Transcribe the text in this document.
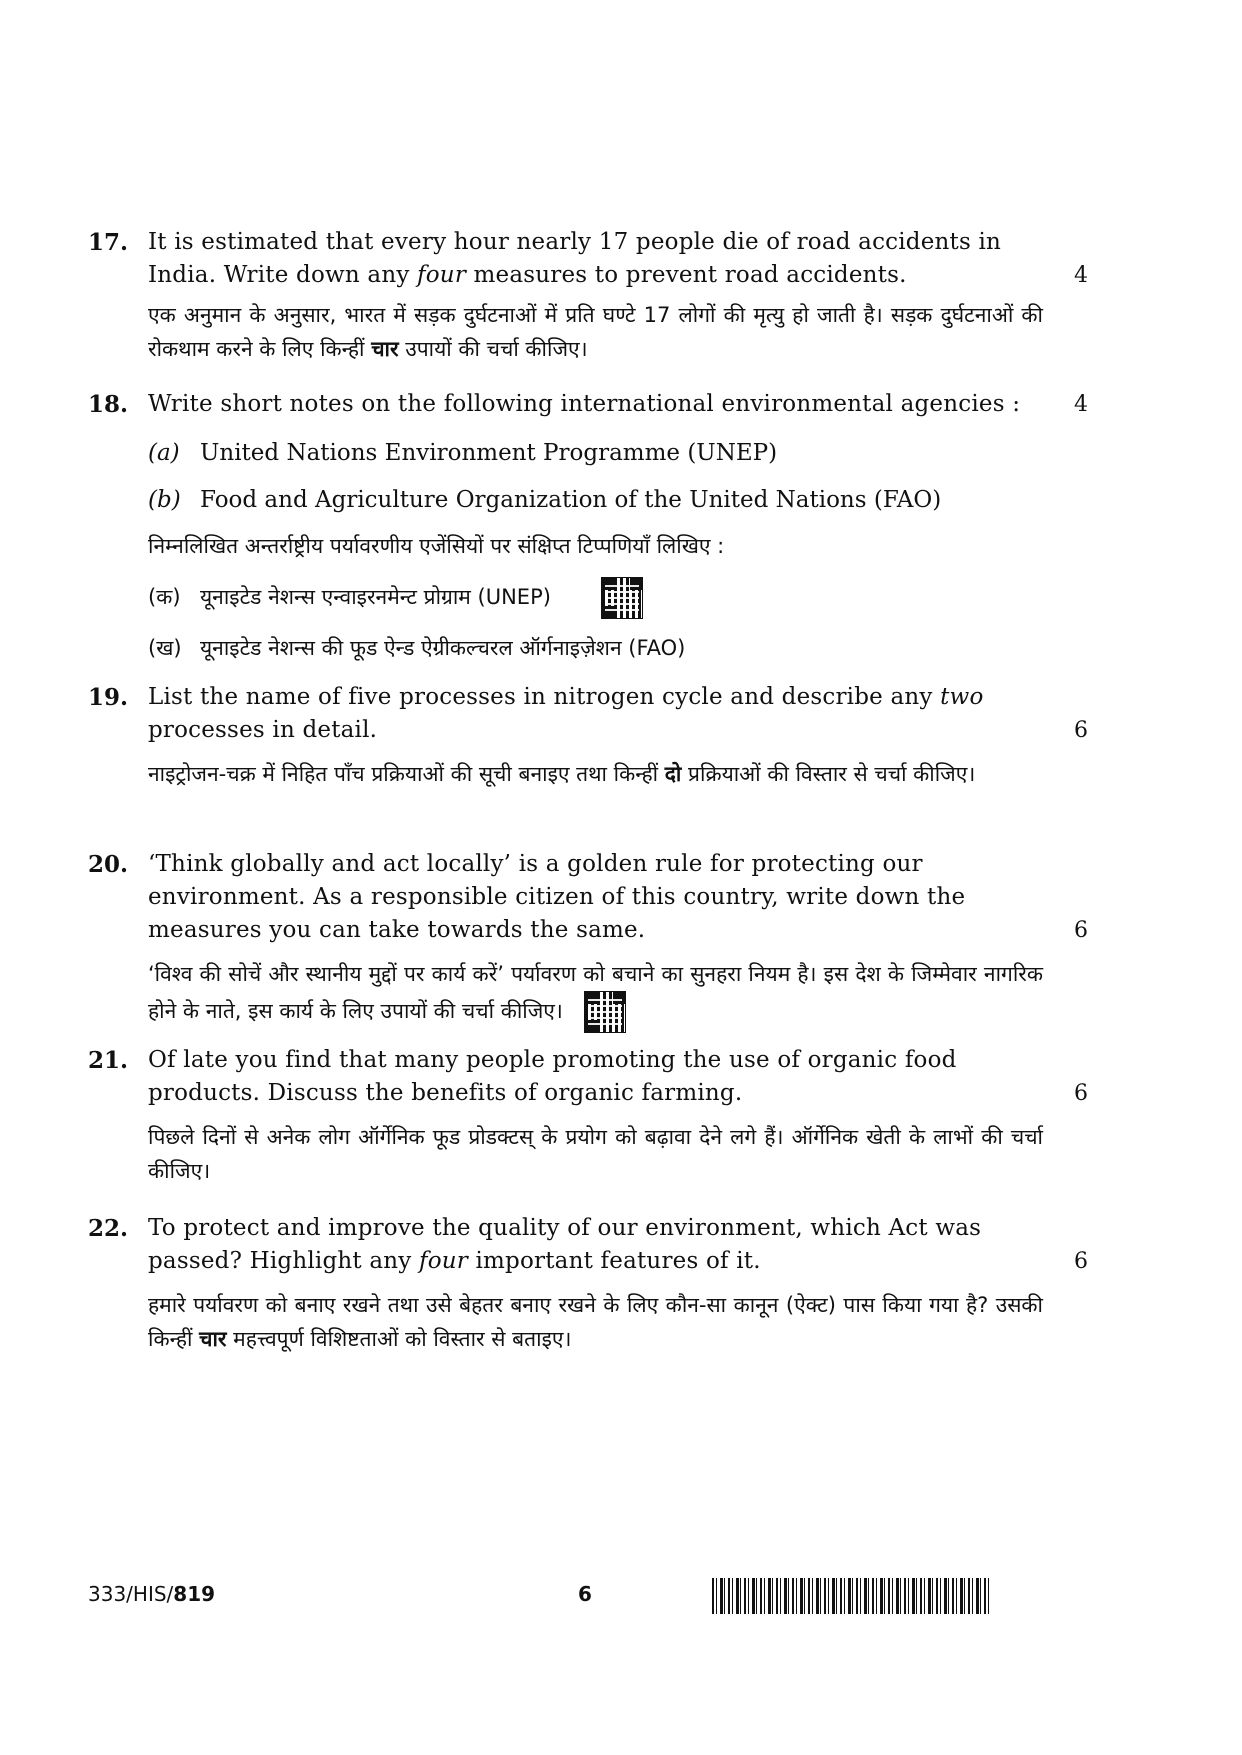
17. It is estimated that every hour nearly 17 people die of road accidents in
India. Write down any four measures to prevent road accidents.
एक अनुमान के अनुसार, भारत में सड़क दुर्घटनाओं में प्रति घण्टे 17 लोगों की मृत्यु हो जाती है। सड़क दुर्घटनाओं की रोकथाम करने के लिए किन्हीं चार उपायों की चर्चा कीजिए।
4
18. Write short notes on the following international environmental agencies :
(a) United Nations Environment Programme (UNEP)
(b) Food and Agriculture Organization of the United Nations (FAO)
निम्नलिखित अन्तर्राष्ट्रीय पर्यावरणीय एजेंसियों पर संक्षिप्त टिप्पणियाँ लिखिए :
(क) यूनाइटेड नेशन्स एन्वाइरनमेन्ट प्रोग्राम (UNEP)
(ख) यूनाइटेड नेशन्स की फूड ऐन्ड ऐग्रीकल्चरल ऑर्गनाइज़ेशन (FAO)
4
19. List the name of five processes in nitrogen cycle and describe any two
processes in detail.
नाइट्रोजन-चक्र में निहित पाँच प्रक्रियाओं की सूची बनाइए तथा किन्हीं दो प्रक्रियाओं की विस्तार से चर्चा कीजिए।
6
20. ‘Think globally and act locally’ is a golden rule for protecting our
environment. As a responsible citizen of this country, write down the
measures you can take towards the same.
‘विश्व की सोचें और स्थानीय मुद्दों पर कार्य करें’ पर्यावरण को बचाने का सुनहरा नियम है। इस देश के जिम्मेवार नागरिक होने के नाते, इस कार्य के लिए उपायों की चर्चा कीजिए।
6
21. Of late you find that many people promoting the use of organic food
products. Discuss the benefits of organic farming.
पिछले दिनों से अनेक लोग ऑर्गेनिक फूड प्रोडक्टस् के प्रयोग को बढ़ावा देने लगे हैं। ऑर्गेनिक खेती के लाभों की चर्चा कीजिए।
6
22. To protect and improve the quality of our environment, which Act was
passed? Highlight any four important features of it.
हमारे पर्यावरण को बनाए रखने तथा उसे बेहतर बनाए रखने के लिए कौन-सा कानून (ऐक्ट) पास किया गया है? उसकी किन्हीं चार महत्त्वपूर्ण विशिष्टताओं को विस्तार से बताइए।
6
333/HIS/819	6
